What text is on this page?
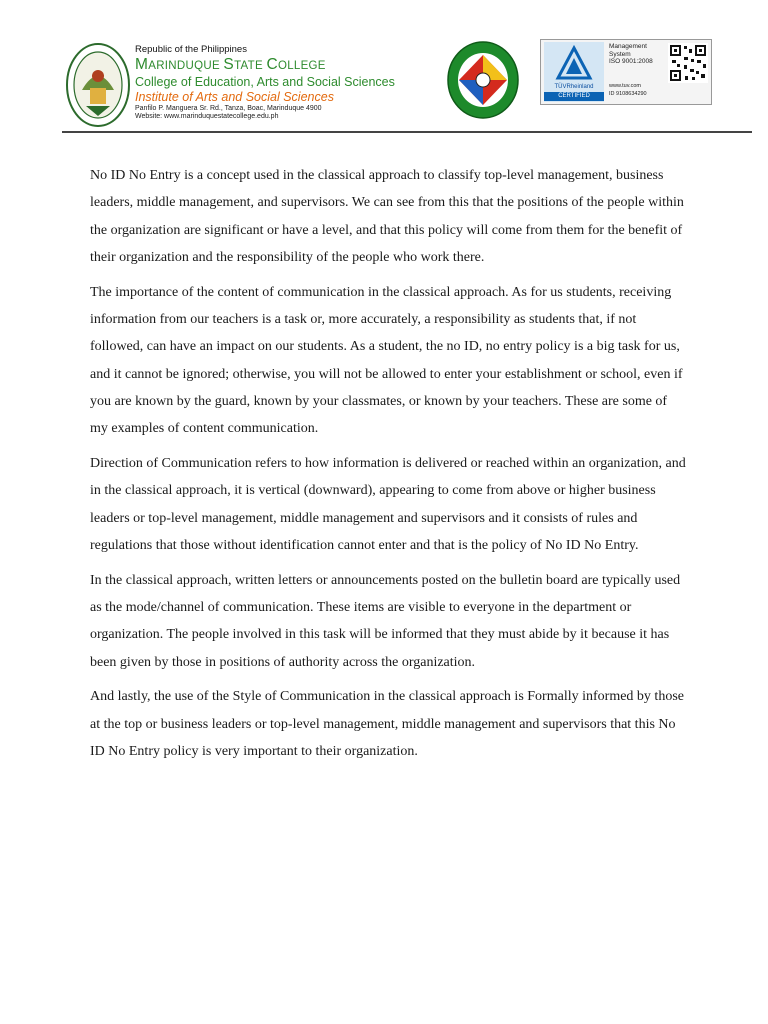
Republic of the Philippines
MARINDUQUE STATE COLLEGE
College of Education, Arts and Social Sciences
Institute of Arts and Social Sciences
Panfilo P. Manguera Sr. Rd., Tanza, Boac, Marinduque 4900
Website: www.marinduquestatecollege.edu.ph
TÜVRheinland
CERTIFIED
Management
System
ISO 9001:2008
www.tuv.com
ID 9108634290

No ID No Entry is a concept used in the classical approach to classify top-level management, business leaders, middle management, and supervisors. We can see from this that the positions of the people within the organization are significant or have a level, and that this policy will come from them for the benefit of their organization and the responsibility of the people who work there.

The importance of the content of communication in the classical approach. As for us students, receiving information from our teachers is a task or, more accurately, a responsibility as students that, if not followed, can have an impact on our students. As a student, the no ID, no entry policy is a big task for us, and it cannot be ignored; otherwise, you will not be allowed to enter your establishment or school, even if you are known by the guard, known by your classmates, or known by your teachers. These are some of my examples of content communication.

Direction of Communication refers to how information is delivered or reached within an organization, and in the classical approach, it is vertical (downward), appearing to come from above or higher business leaders or top-level management, middle management and supervisors and it consists of rules and regulations that those without identification cannot enter and that is the policy of No ID No Entry.

In the classical approach, written letters or announcements posted on the bulletin board are typically used as the mode/channel of communication. These items are visible to everyone in the department or organization. The people involved in this task will be informed that they must abide by it because it has been given by those in positions of authority across the organization.

And lastly, the use of the Style of Communication in the classical approach is Formally informed by those at the top or business leaders or top-level management, middle management and supervisors that this No ID No Entry policy is very important to their organization.
